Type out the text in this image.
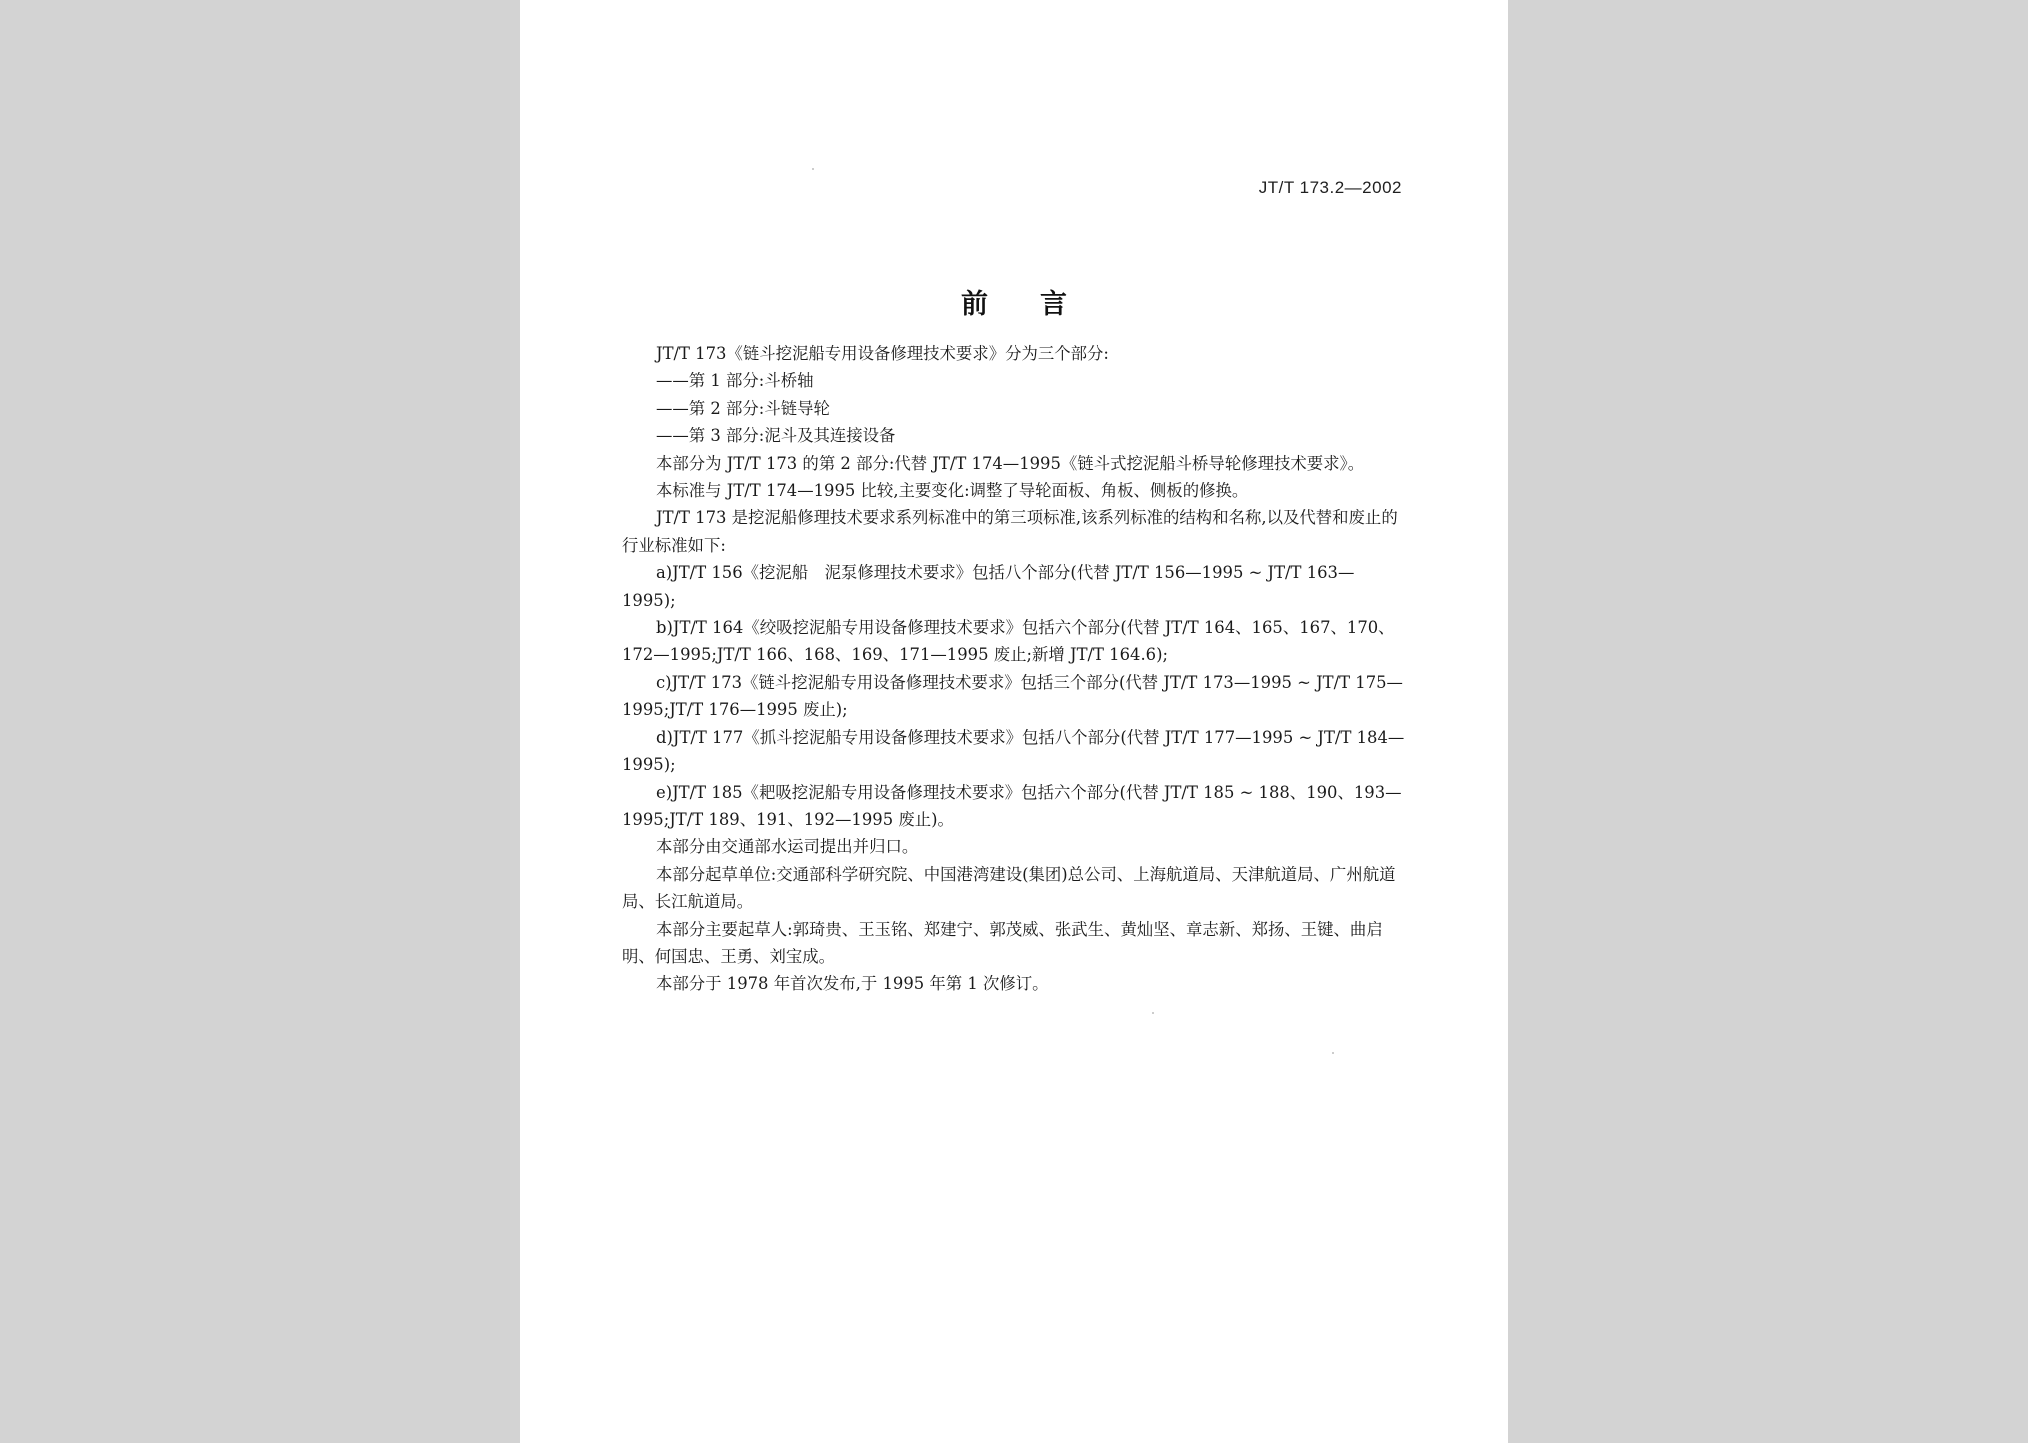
JT/T 173.2—2002
前言

JT/T 173《链斗挖泥船专用设备修理技术要求》分为三个部分:

——第 1 部分:斗桥轴

——第 2 部分:斗链导轮

——第 3 部分:泥斗及其连接设备

本部分为 JT/T 173 的第 2 部分:代替 JT/T 174—1995《链斗式挖泥船斗桥导轮修理技术要求》。

本标准与 JT/T 174—1995 比较,主要变化:调整了导轮面板、角板、侧板的修换。

JT/T 173 是挖泥船修理技术要求系列标准中的第三项标准,该系列标准的结构和名称,以及代替和废止的行业标准如下:

a)JT/T 156《挖泥船　泥泵修理技术要求》包括八个部分(代替 JT/T 156—1995 ~ JT/T 163—1995);

b)JT/T 164《绞吸挖泥船专用设备修理技术要求》包括六个部分(代替 JT/T 164、165、167、170、172—1995;JT/T 166、168、169、171—1995 废止;新增 JT/T 164.6);

c)JT/T 173《链斗挖泥船专用设备修理技术要求》包括三个部分(代替 JT/T 173—1995 ~ JT/T 175—1995;JT/T 176—1995 废止);

d)JT/T 177《抓斗挖泥船专用设备修理技术要求》包括八个部分(代替 JT/T 177—1995 ~ JT/T 184—1995);

e)JT/T 185《耙吸挖泥船专用设备修理技术要求》包括六个部分(代替 JT/T 185 ~ 188、190、193—1995;JT/T 189、191、192—1995 废止)。

本部分由交通部水运司提出并归口。

本部分起草单位:交通部科学研究院、中国港湾建设(集团)总公司、上海航道局、天津航道局、广州航道局、长江航道局。

本部分主要起草人:郭琦贵、王玉铭、郑建宁、郭茂威、张武生、黄灿坚、章志新、郑扬、王键、曲启明、何国忠、王勇、刘宝成。

本部分于 1978 年首次发布,于 1995 年第 1 次修订。
